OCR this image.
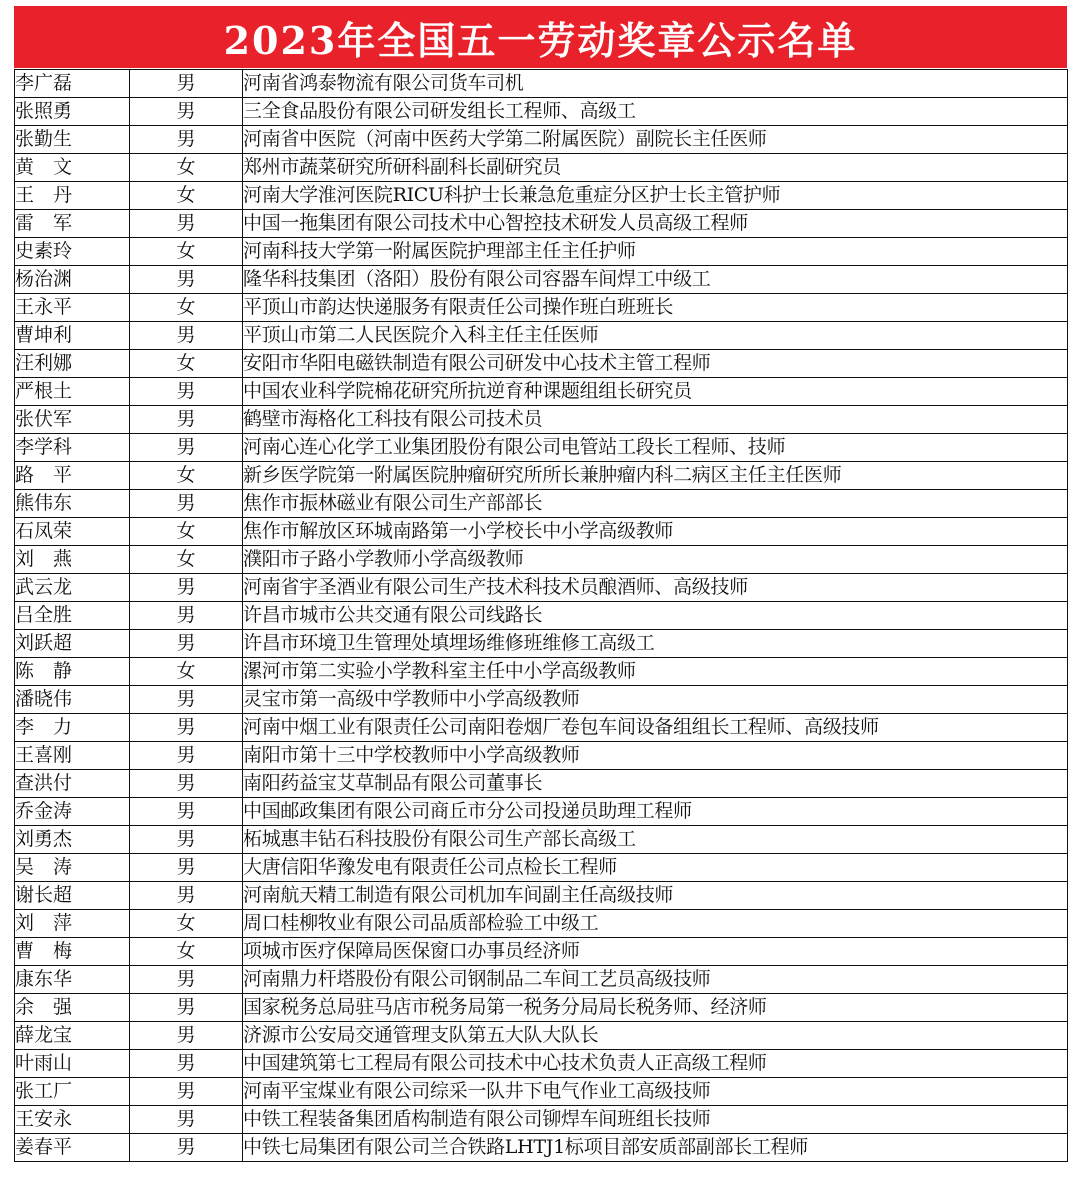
2023年全国五一劳动奖章公示名单
李广磊	男	河南省鸿泰物流有限公司货车司机
张照勇	男	三全食品股份有限公司研发组长工程师、高级工
张勤生	男	河南省中医院（河南中医药大学第二附属医院）副院长主任医师
黄　文	女	郑州市蔬菜研究所研科副科长副研究员
王　丹	女	河南大学淮河医院RICU科护士长兼急危重症分区护士长主管护师
雷　军	男	中国一拖集团有限公司技术中心智控技术研发人员高级工程师
史素玲	女	河南科技大学第一附属医院护理部主任主任护师
杨治渊	男	隆华科技集团（洛阳）股份有限公司容器车间焊工中级工
王永平	女	平顶山市韵达快递服务有限责任公司操作班白班班长
曹坤利	男	平顶山市第二人民医院介入科主任主任医师
汪利娜	女	安阳市华阳电磁铁制造有限公司研发中心技术主管工程师
严根土	男	中国农业科学院棉花研究所抗逆育种课题组组长研究员
张伏军	男	鹤壁市海格化工科技有限公司技术员
李学科	男	河南心连心化学工业集团股份有限公司电管站工段长工程师、技师
路　平	女	新乡医学院第一附属医院肿瘤研究所所长兼肿瘤内科二病区主任主任医师
熊伟东	男	焦作市振林磁业有限公司生产部部长
石凤荣	女	焦作市解放区环城南路第一小学校长中小学高级教师
刘　燕	女	濮阳市子路小学教师小学高级教师
武云龙	男	河南省宇圣酒业有限公司生产技术科技术员酿酒师、高级技师
吕全胜	男	许昌市城市公共交通有限公司线路长
刘跃超	男	许昌市环境卫生管理处填埋场维修班维修工高级工
陈　静	女	漯河市第二实验小学教科室主任中小学高级教师
潘晓伟	男	灵宝市第一高级中学教师中小学高级教师
李　力	男	河南中烟工业有限责任公司南阳卷烟厂卷包车间设备组组长工程师、高级技师
王喜刚	男	南阳市第十三中学校教师中小学高级教师
查洪付	男	南阳药益宝艾草制品有限公司董事长
乔金涛	男	中国邮政集团有限公司商丘市分公司投递员助理工程师
刘勇杰	男	柘城惠丰钻石科技股份有限公司生产部长高级工
吴　涛	男	大唐信阳华豫发电有限责任公司点检长工程师
谢长超	男	河南航天精工制造有限公司机加车间副主任高级技师
刘　萍	女	周口桂柳牧业有限公司品质部检验工中级工
曹　梅	女	项城市医疗保障局医保窗口办事员经济师
康东华	男	河南鼎力杆塔股份有限公司钢制品二车间工艺员高级技师
余　强	男	国家税务总局驻马店市税务局第一税务分局局长税务师、经济师
薛龙宝	男	济源市公安局交通管理支队第五大队大队长
叶雨山	男	中国建筑第七工程局有限公司技术中心技术负责人正高级工程师
张工厂	男	河南平宝煤业有限公司综采一队井下电气作业工高级技师
王安永	男	中铁工程装备集团盾构制造有限公司铆焊车间班组长技师
姜春平	男	中铁七局集团有限公司兰合铁路LHTJ1标项目部安质部副部长工程师
